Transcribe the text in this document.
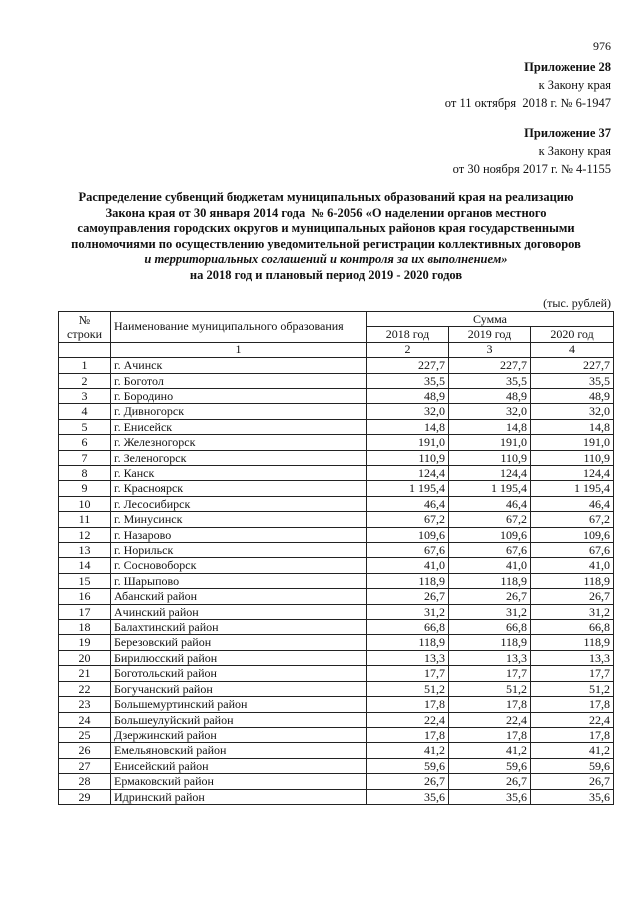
976
Приложение 28
к Закону края
от 11 октября  2018 г. № 6-1947
Приложение 37
к Закону края
от 30 ноября 2017 г. № 4-1155
Распределение субвенций бюджетам муниципальных образований края на реализацию
Закона края от 30 января 2014 года  № 6-2056 «О наделении органов местного
самоуправления городских округов и муниципальных районов края государственными
полномочиями по осуществлению уведомительной регистрации коллективных договоров
и территориальных соглашений и контроля за их выполнением»
на 2018 год и плановый период 2019 - 2020 годов
(тыс. рублей)
№ строки	Наименование муниципального образования	Сумма		
		2018 год	2019 год	2020 год
	1	2	3	4
1	г. Ачинск	227,7	227,7	227,7
2	г. Боготол	35,5	35,5	35,5
3	г. Бородино	48,9	48,9	48,9
4	г. Дивногорск	32,0	32,0	32,0
5	г. Енисейск	14,8	14,8	14,8
6	г. Железногорск	191,0	191,0	191,0
7	г. Зеленогорск	110,9	110,9	110,9
8	г. Канск	124,4	124,4	124,4
9	г. Красноярск	1 195,4	1 195,4	1 195,4
10	г. Лесосибирск	46,4	46,4	46,4
11	г. Минусинск	67,2	67,2	67,2
12	г. Назарово	109,6	109,6	109,6
13	г. Норильск	67,6	67,6	67,6
14	г. Сосновоборск	41,0	41,0	41,0
15	г. Шарыпово	118,9	118,9	118,9
16	Абанский район	26,7	26,7	26,7
17	Ачинский район	31,2	31,2	31,2
18	Балахтинский район	66,8	66,8	66,8
19	Березовский район	118,9	118,9	118,9
20	Бирилюсский район	13,3	13,3	13,3
21	Боготольский район	17,7	17,7	17,7
22	Богучанский район	51,2	51,2	51,2
23	Большемуртинский район	17,8	17,8	17,8
24	Большеулуйский район	22,4	22,4	22,4
25	Дзержинский район	17,8	17,8	17,8
26	Емельяновский район	41,2	41,2	41,2
27	Енисейский район	59,6	59,6	59,6
28	Ермаковский район	26,7	26,7	26,7
29	Идринский район	35,6	35,6	35,6
